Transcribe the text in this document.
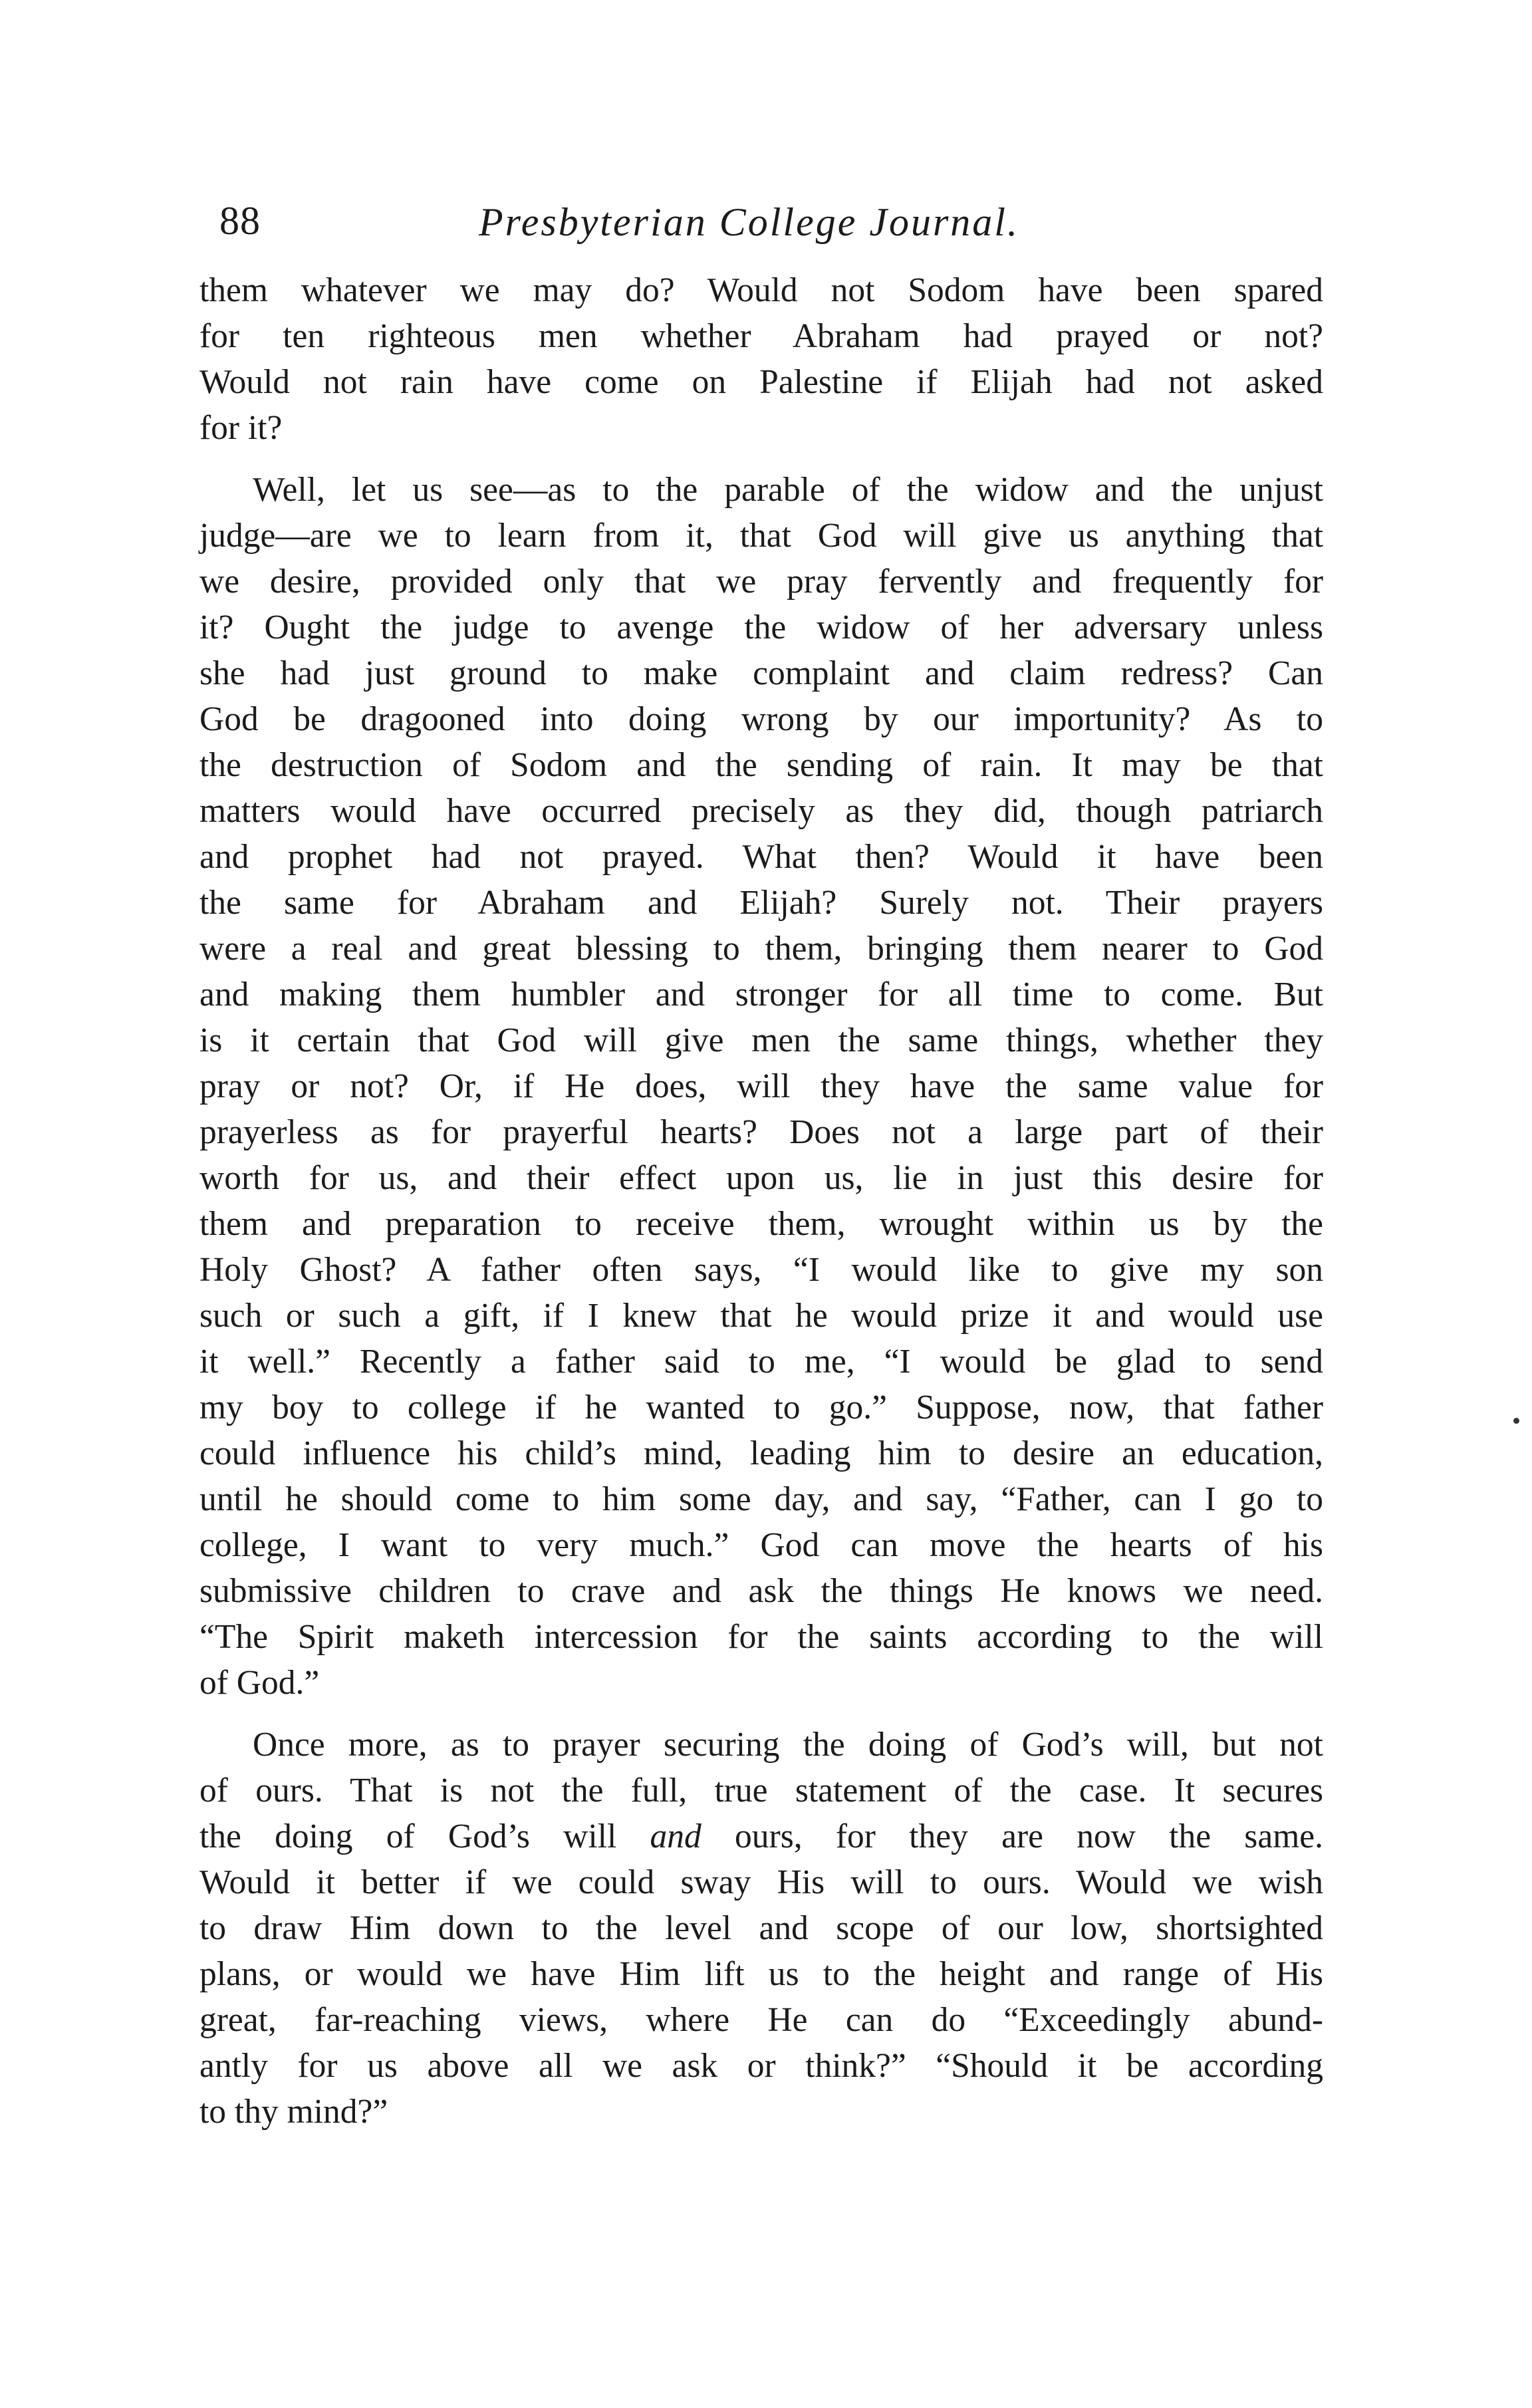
88	Presbyterian College Journal.

them whatever we may do? Would not Sodom have been spared
for ten righteous men whether Abraham had prayed or not?
Would not rain have come on Palestine if Elijah had not asked
for it?

Well, let us see—as to the parable of the widow and the unjust
judge—are we to learn from it, that God will give us anything that
we desire, provided only that we pray fervently and frequently for
it? Ought the judge to avenge the widow of her adversary unless
she had just ground to make complaint and claim redress? Can
God be dragooned into doing wrong by our importunity? As to
the destruction of Sodom and the sending of rain. It may be that
matters would have occurred precisely as they did, though patriarch
and prophet had not prayed. What then? Would it have been
the same for Abraham and Elijah? Surely not. Their prayers
were a real and great blessing to them, bringing them nearer to God
and making them humbler and stronger for all time to come. But
is it certain that God will give men the same things, whether they
pray or not? Or, if He does, will they have the same value for
prayerless as for prayerful hearts? Does not a large part of their
worth for us, and their effect upon us, lie in just this desire for
them and preparation to receive them, wrought within us by the
Holy Ghost? A father often says, “I would like to give my son
such or such a gift, if I knew that he would prize it and would use
it well.” Recently a father said to me, “I would be glad to send
my boy to college if he wanted to go.” Suppose, now, that father
could influence his child’s mind, leading him to desire an education,
until he should come to him some day, and say, “Father, can I go to
college, I want to very much.” God can move the hearts of his
submissive children to crave and ask the things He knows we need.
“The Spirit maketh intercession for the saints according to the will
of God.”

Once more, as to prayer securing the doing of God’s will, but not
of ours. That is not the full, true statement of the case. It secures
the doing of God’s will and ours, for they are now the same.
Would it better if we could sway His will to ours. Would we wish
to draw Him down to the level and scope of our low, shortsighted
plans, or would we have Him lift us to the height and range of His
great, far-reaching views, where He can do “Exceedingly abund-
antly for us above all we ask or think?” “Should it be according
to thy mind?”
